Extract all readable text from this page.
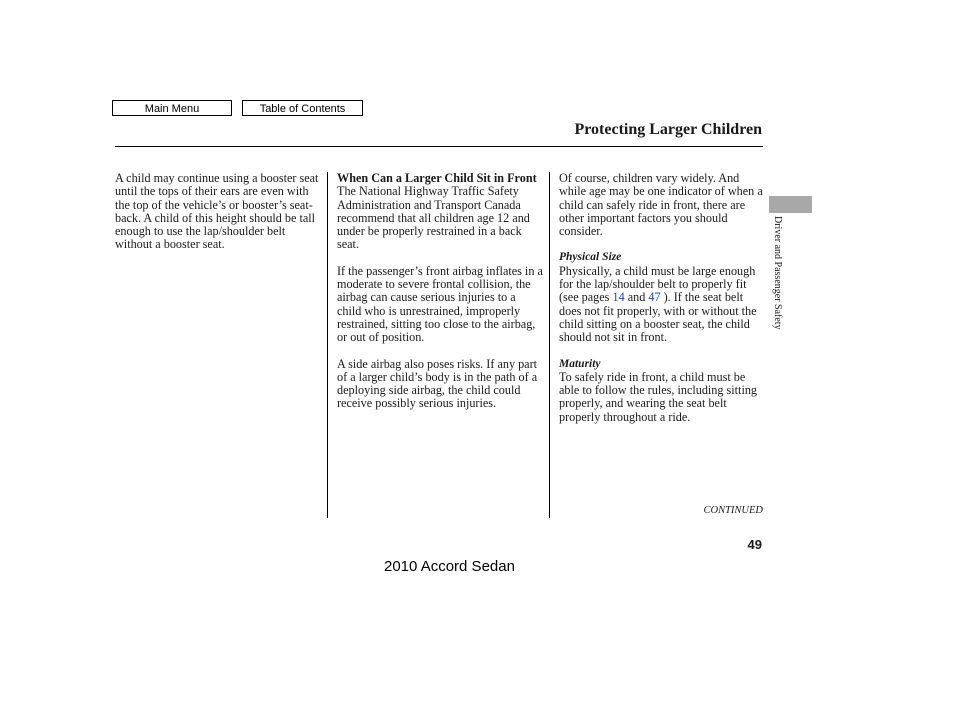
Main Menu	Table of Contents
Protecting Larger Children

A child may continue using a booster seat until the tops of their ears are even with the top of the vehicle’s or booster’s seat-back. A child of this height should be tall enough to use the lap/shoulder belt without a booster seat.

When Can a Larger Child Sit in Front

The National Highway Traffic Safety Administration and Transport Canada recommend that all children age 12 and under be properly restrained in a back seat.

If the passenger’s front airbag inflates in a moderate to severe frontal collision, the airbag can cause serious injuries to a child who is unrestrained, improperly restrained, sitting too close to the airbag, or out of position.

A side airbag also poses risks. If any part of a larger child’s body is in the path of a deploying side airbag, the child could receive possibly serious injuries.

Of course, children vary widely. And while age may be one indicator of when a child can safely ride in front, there are other important factors you should consider.

Physical Size

Physically, a child must be large enough for the lap/shoulder belt to properly fit (see pages 14 and 47 ). If the seat belt does not fit properly, with or without the child sitting on a booster seat, the child should not sit in front.

Maturity

To safely ride in front, a child must be able to follow the rules, including sitting properly, and wearing the seat belt properly throughout a ride.

Driver and Passenger Safety
CONTINUED
49
2010 Accord Sedan
